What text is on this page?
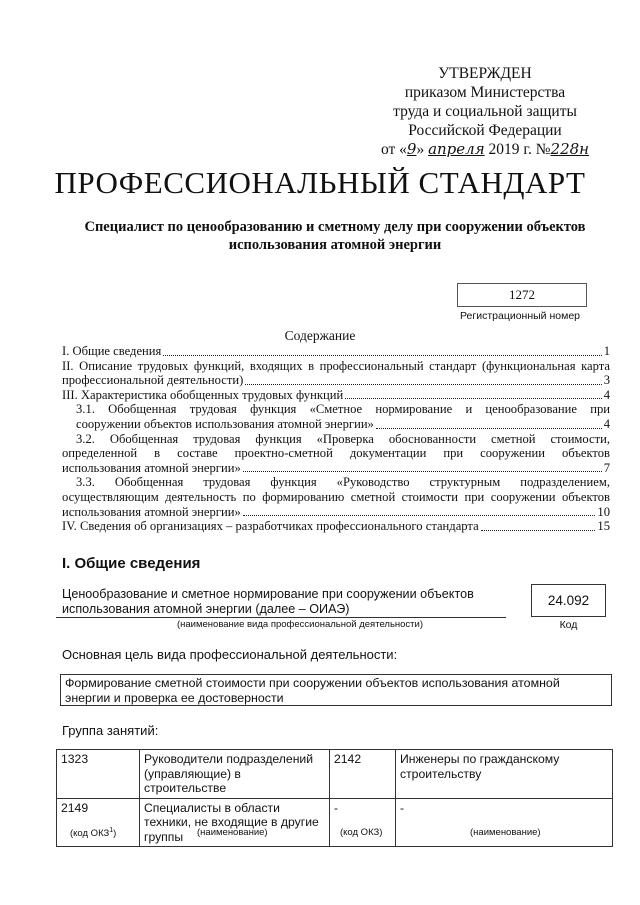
УТВЕРЖДЕН
приказом Министерства
труда и социальной защиты
Российской Федерации
от «9» апреля 2019 г. №228н
ПРОФЕССИОНАЛЬНЫЙ СТАНДАРТ
Специалист по ценообразованию и сметному делу при сооружении объектов использования атомной энергии
1272
Регистрационный номер
Содержание
I. Общие сведения	1
II. Описание трудовых функций, входящих в профессиональный стандарт (функциональная карта
профессиональной деятельности)	3
III. Характеристика обобщенных трудовых функций	4
3.1. Обобщенная трудовая функция «Сметное нормирование и ценообразование при
сооружении объектов использования атомной энергии»	4
3.2. Обобщенная трудовая функция «Проверка обоснованности сметной стоимости,
определенной в составе проектно-сметной документации при сооружении объектов
использования атомной энергии»	7
3.3. Обобщенная трудовая функция «Руководство структурным подразделением,
осуществляющим деятельность по формированию сметной стоимости при сооружении объектов
использования атомной энергии»	10
IV. Сведения об организациях – разработчиках профессионального стандарта	15
I. Общие сведения
Ценообразование и сметное нормирование при сооружении объектов использования атомной энергии (далее – ОИАЭ)
(наименование вида профессиональной деятельности)
24.092
Код
Основная цель вида профессиональной деятельности:
Формирование сметной стоимости при сооружении объектов использования атомной энергии и проверка ее достоверности
Группа занятий:
1323	Руководители подразделений (управляющие) в строительстве	2142	Инженеры по гражданскому строительству
2149	Специалисты в области техники, не входящие в другие группы	-	-
(код ОКЗ$^1$)	(наименование)	(код ОКЗ)	(наименование)
